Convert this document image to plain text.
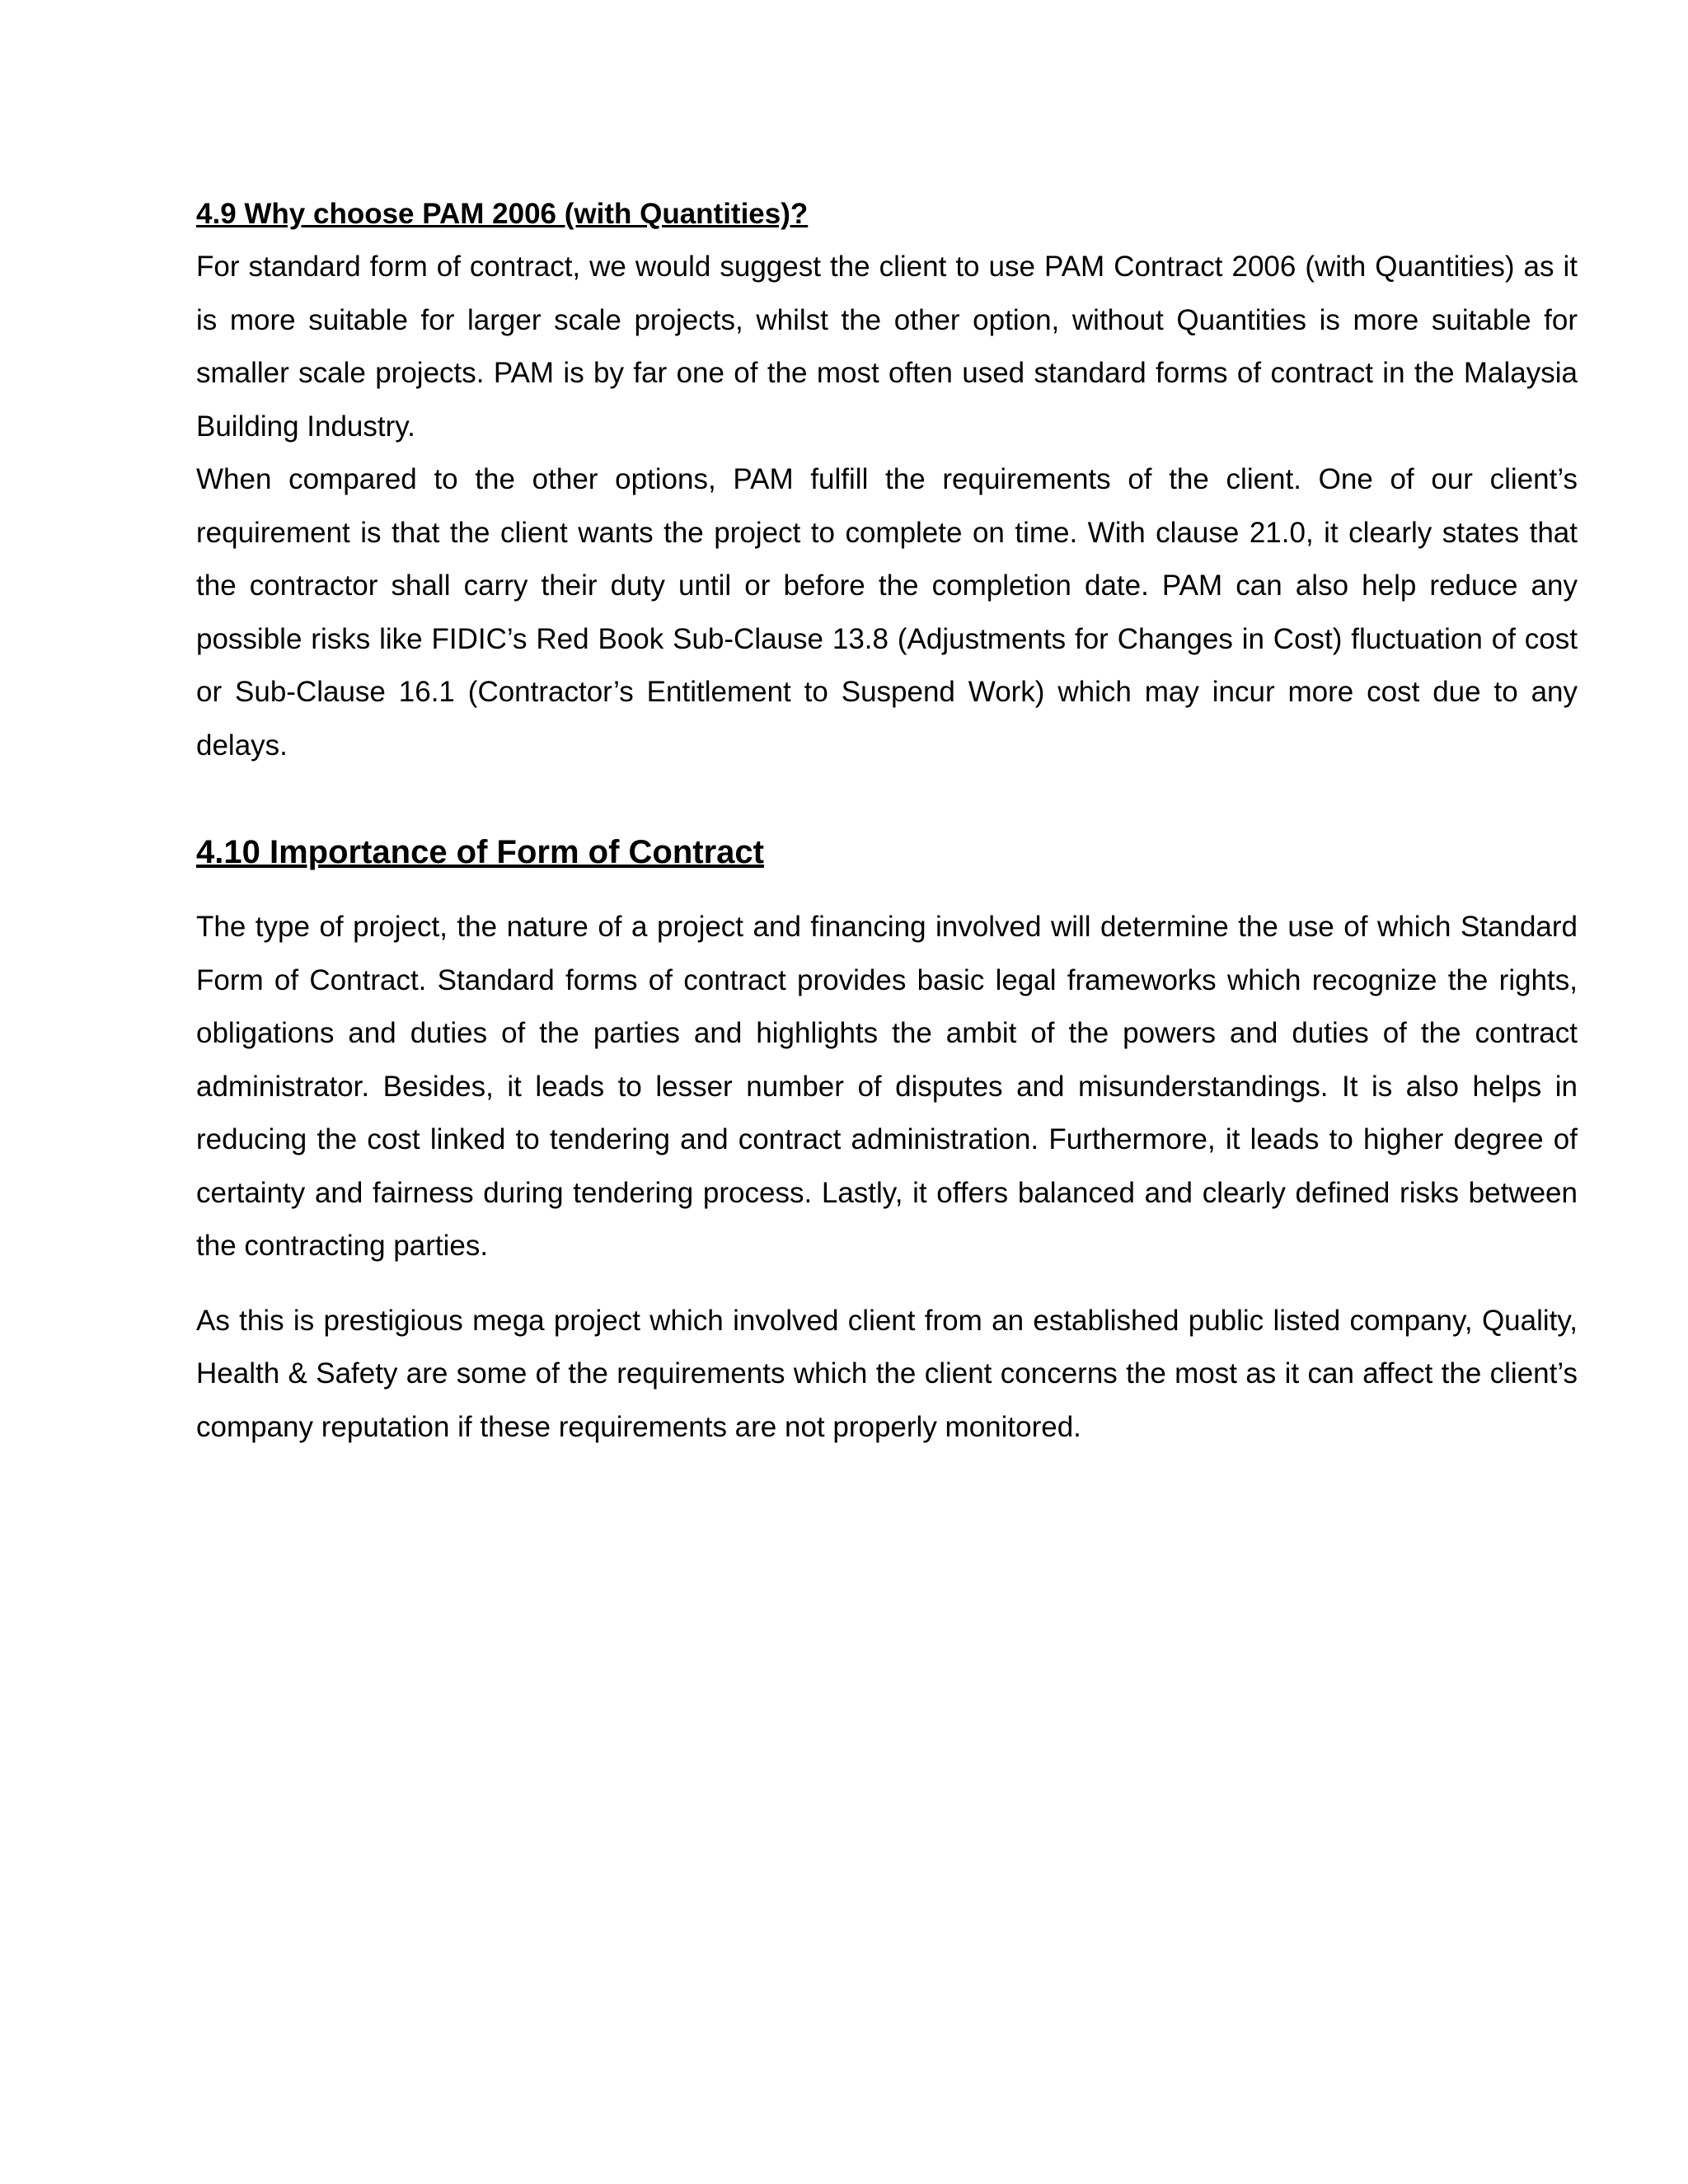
4.9 Why choose PAM 2006 (with Quantities)?

For standard form of contract, we would suggest the client to use PAM Contract 2006 (with Quantities) as it is more suitable for larger scale projects, whilst the other option, without Quantities is more suitable for smaller scale projects. PAM is by far one of the most often used standard forms of contract in the Malaysia Building Industry.

When compared to the other options, PAM fulfill the requirements of the client. One of our client’s requirement is that the client wants the project to complete on time. With clause 21.0, it clearly states that the contractor shall carry their duty until or before the completion date. PAM can also help reduce any possible risks like FIDIC’s Red Book Sub-Clause 13.8 (Adjustments for Changes in Cost) fluctuation of cost or Sub-Clause 16.1 (Contractor’s Entitlement to Suspend Work) which may incur more cost due to any delays.

4.10 Importance of Form of Contract

The type of project, the nature of a project and financing involved will determine the use of which Standard Form of Contract. Standard forms of contract provides basic legal frameworks which recognize the rights, obligations and duties of the parties and highlights the ambit of the powers and duties of the contract administrator. Besides, it leads to lesser number of disputes and misunderstandings. It is also helps in reducing the cost linked to tendering and contract administration. Furthermore, it leads to higher degree of certainty and fairness during tendering process. Lastly, it offers balanced and clearly defined risks between the contracting parties.

As this is prestigious mega project which involved client from an established public listed company, Quality, Health & Safety are some of the requirements which the client concerns the most as it can affect the client’s company reputation if these requirements are not properly monitored.
